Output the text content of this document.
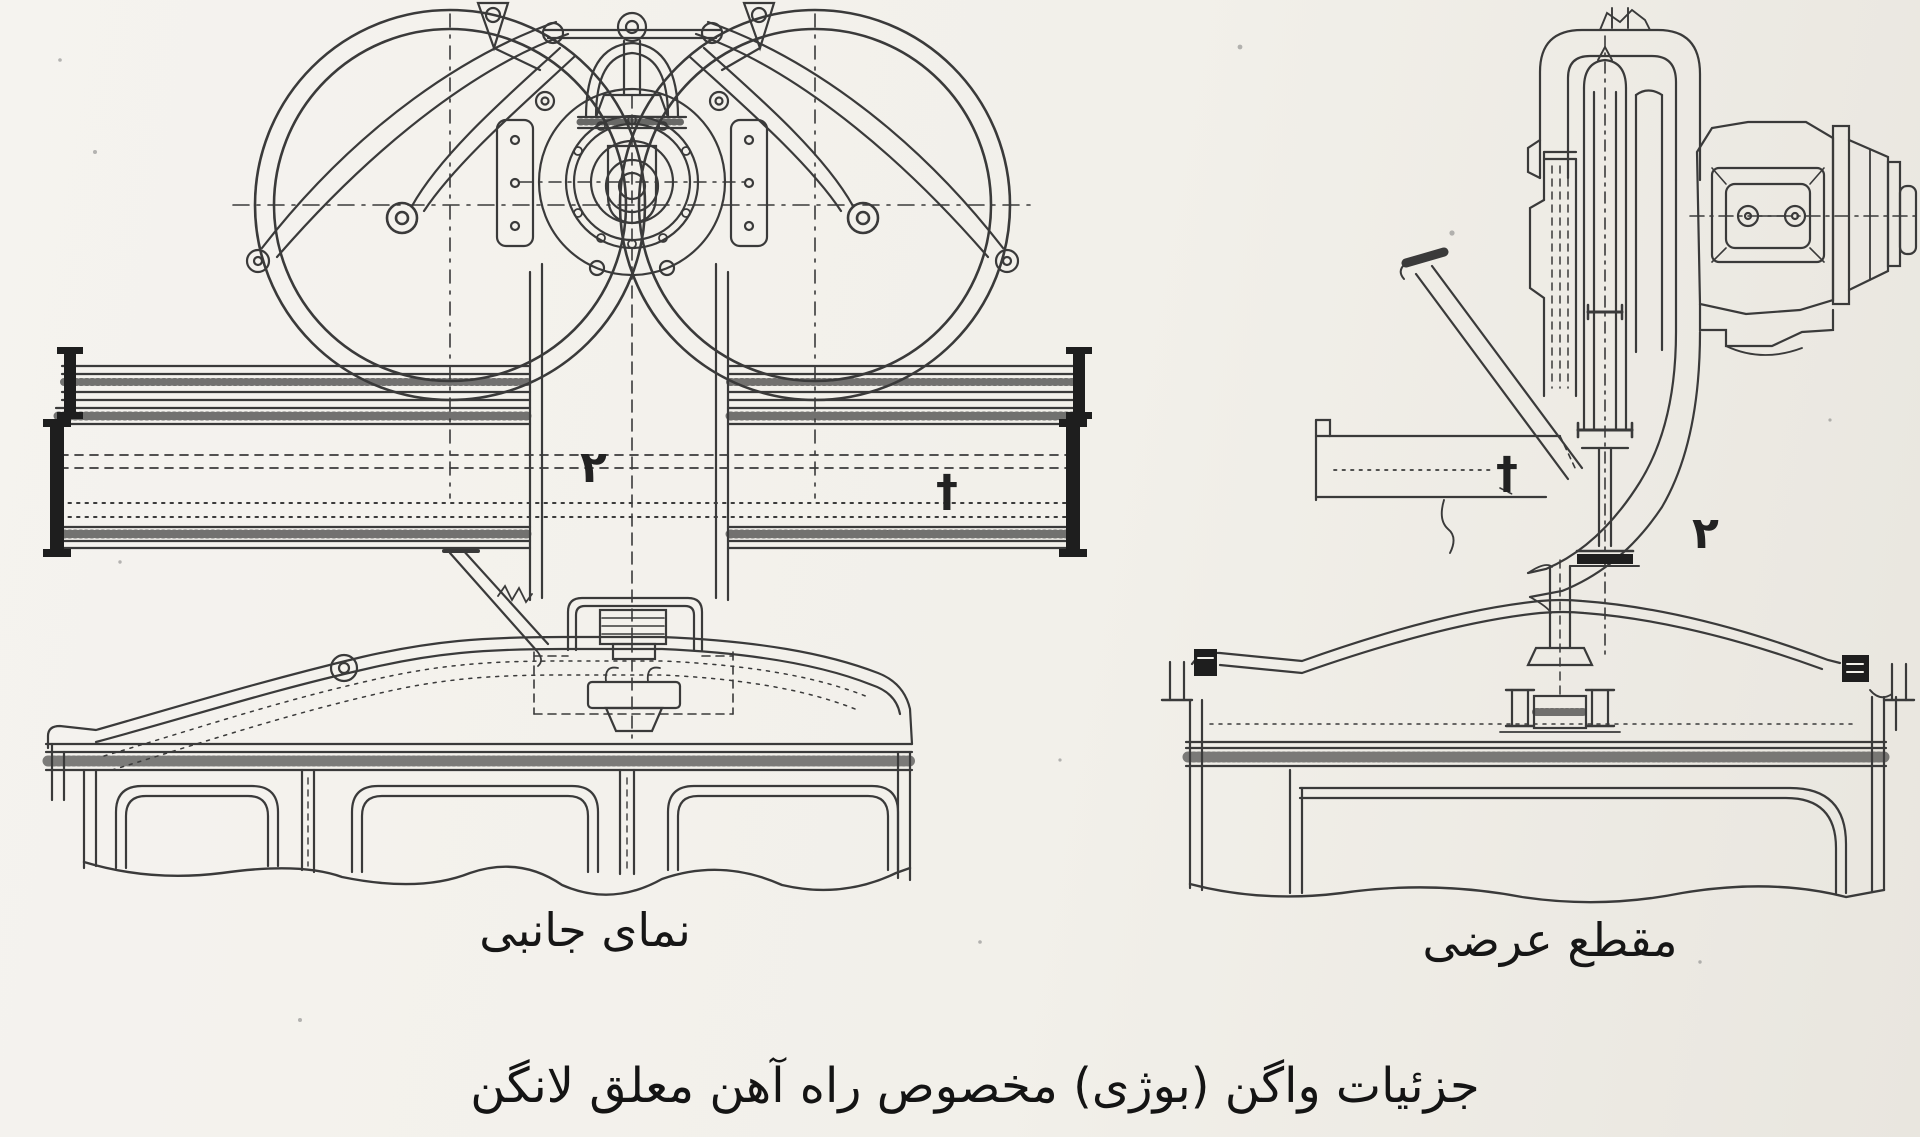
٢	†	†
٢
نمای جانبی	مقطع عرضی
جزئیات واگن (بوژی) مخصوص راه آهن معلق لانگن
